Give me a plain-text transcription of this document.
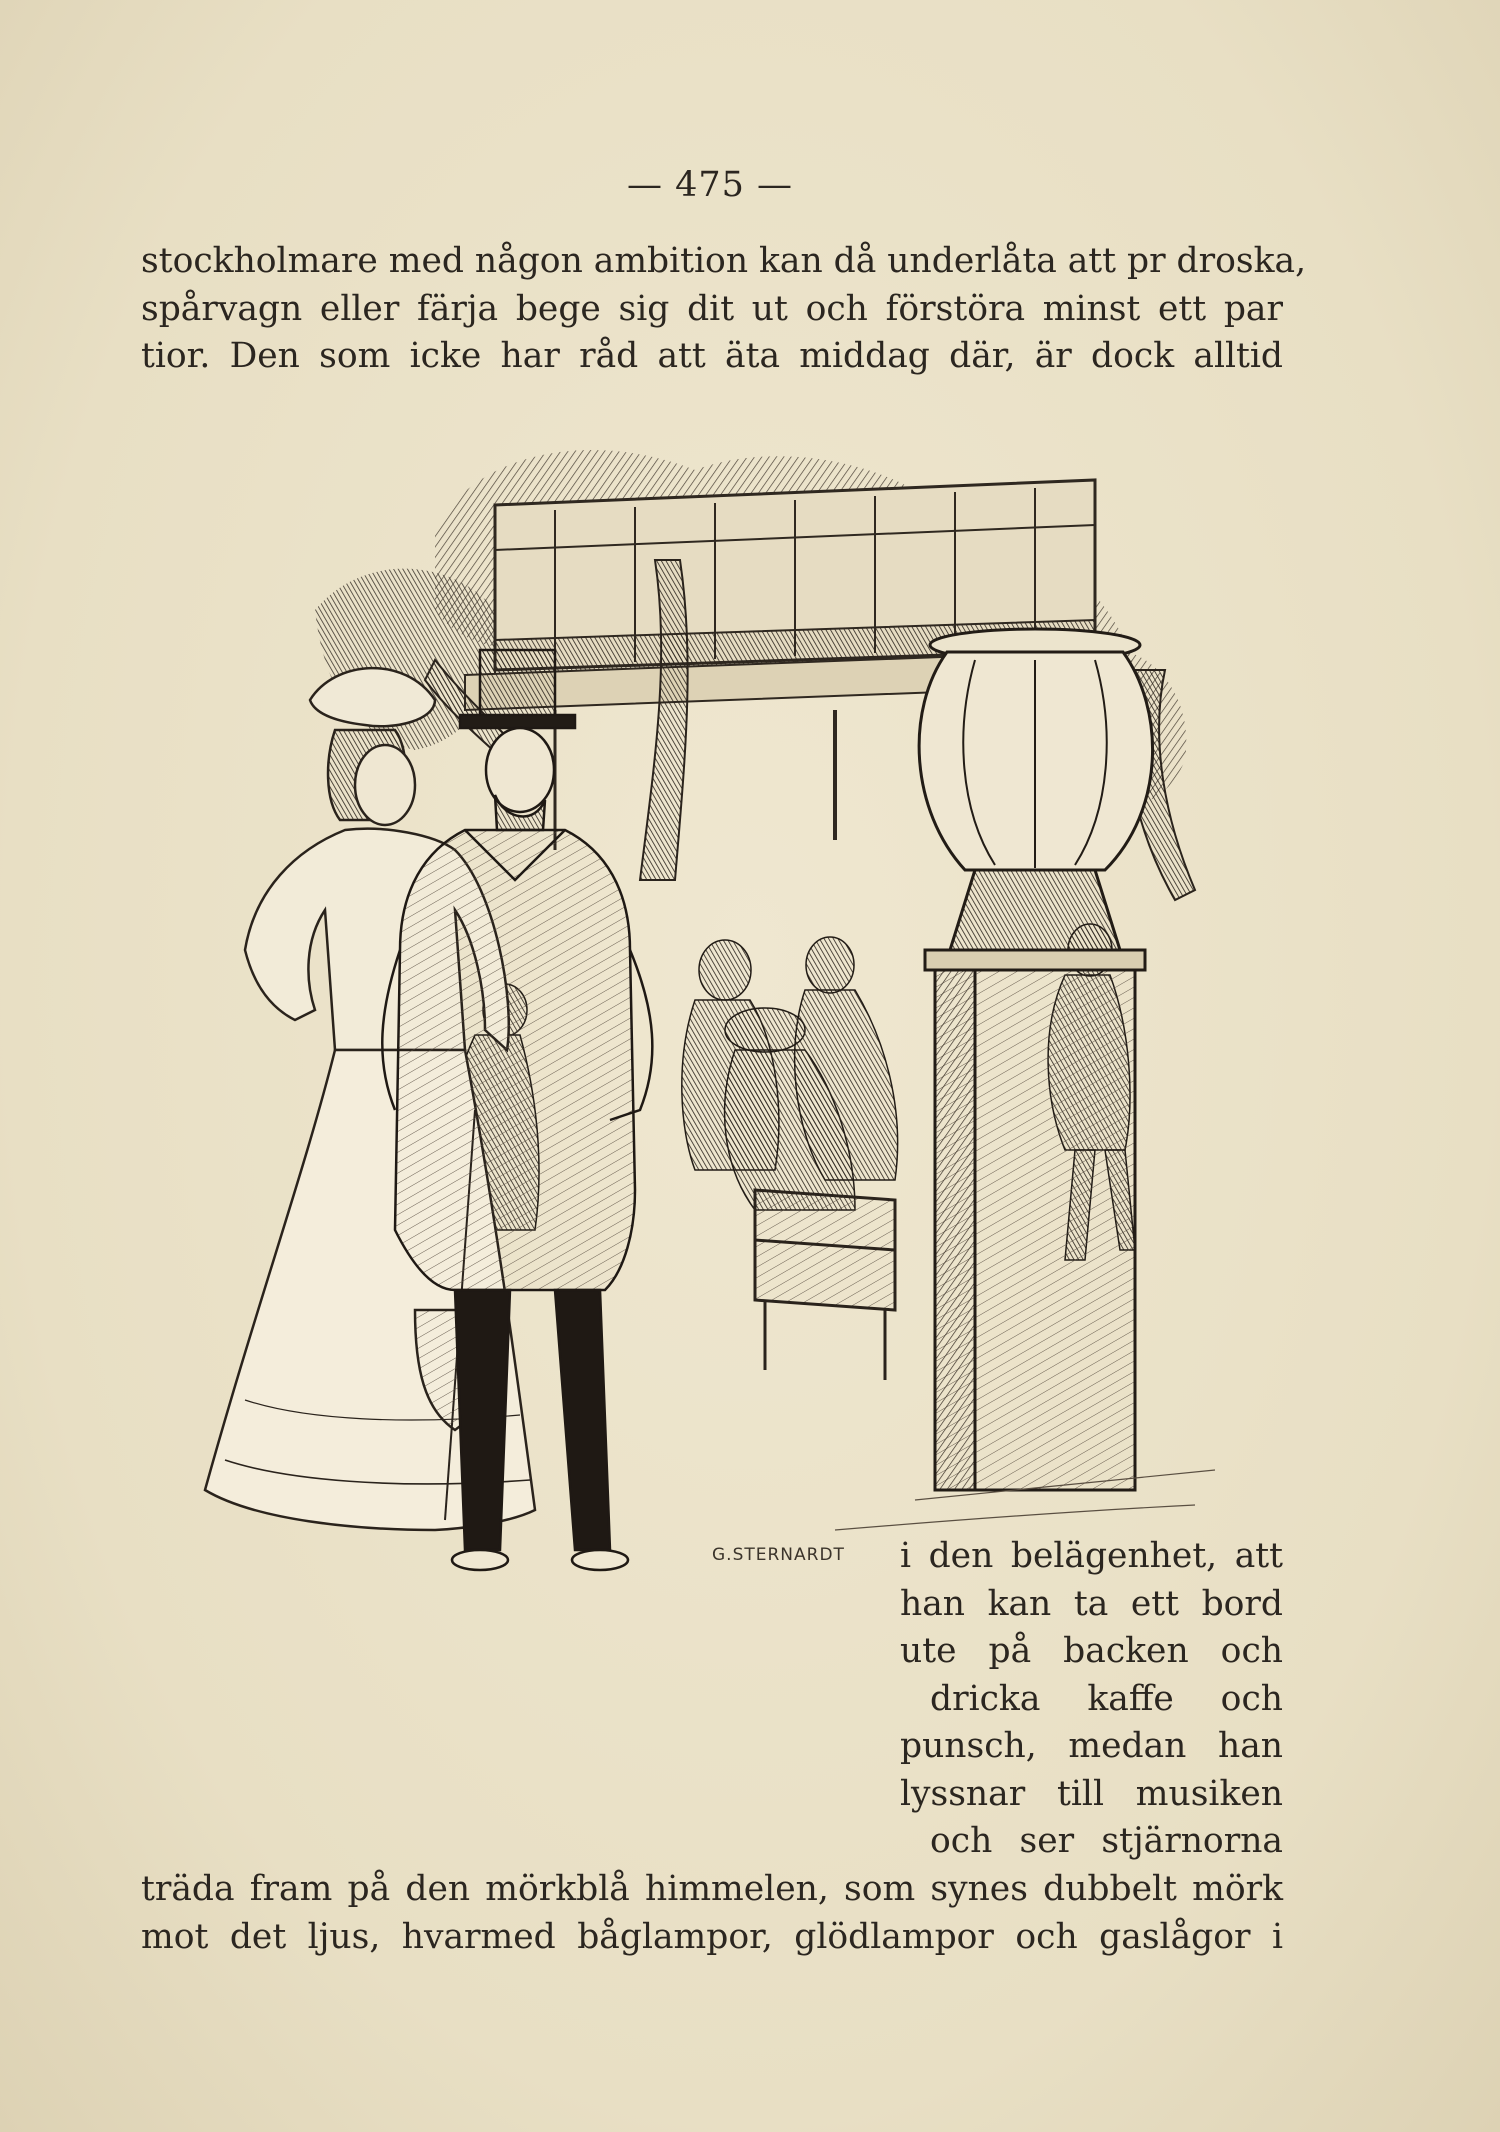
— 475 —
stockholmare med någon ambition kan då underlåta att pr droska,
spårvagn eller färja bege sig dit ut och förstöra minst ett par
tior. Den som icke har råd att äta middag där, är dock alltid
G.STERNARDT i den belägenhet, att
han kan ta ett bord
ute på backen och
dricka kaffe och
punsch, medan han
lyssnar till musiken
och ser stjärnorna
träda fram på den mörkblå himmelen, som synes dubbelt mörk
mot det ljus, hvarmed båglampor, glödlampor och gaslågor i
